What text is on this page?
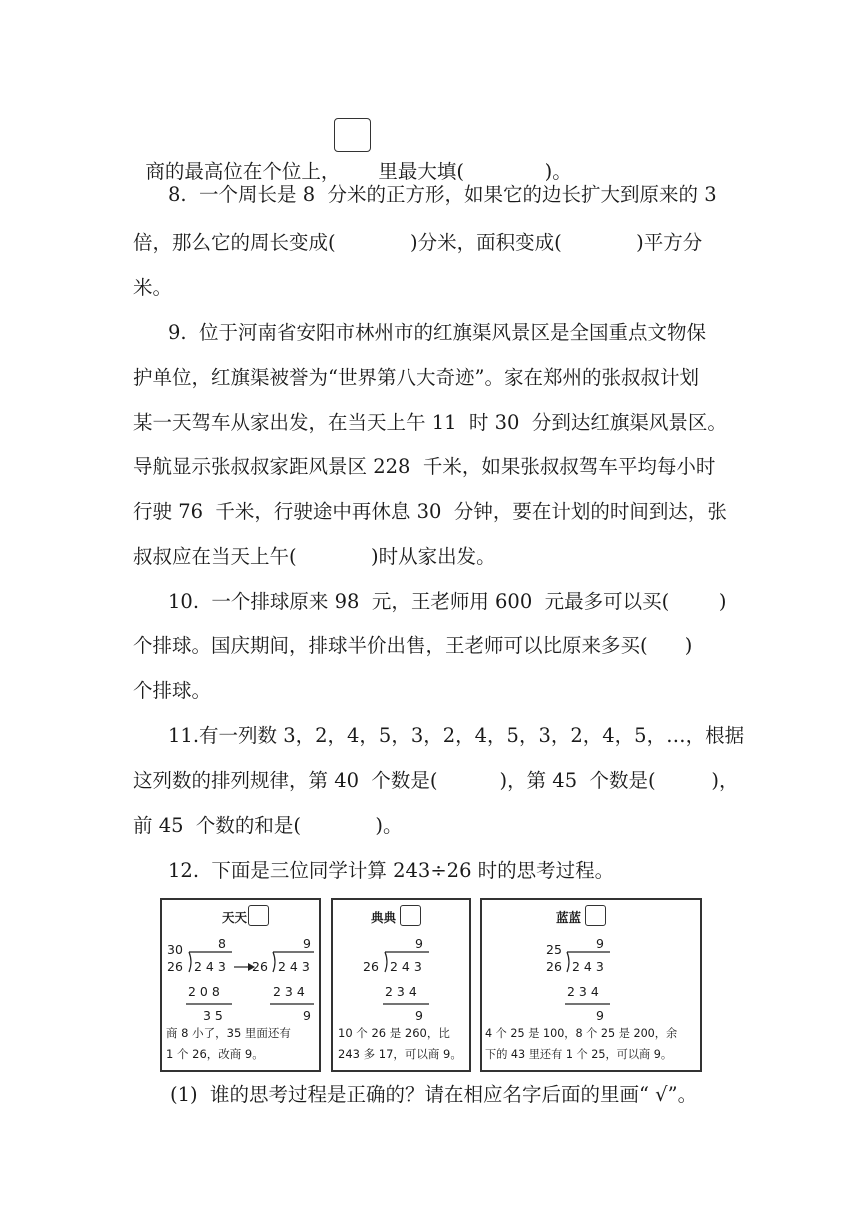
商的最高位在个位上， 里最大填(             )。

8.  一个周长是 8  分米的正方形，如果它的边长扩大到原来的 3
倍，那么它的周长变成(            )分米，面积变成(            )平方分
米。
9.  位于河南省安阳市林州市的红旗渠风景区是全国重点文物保
护单位，红旗渠被誉为“世界第八大奇迹”。家在郑州的张叔叔计划
某一天驾车从家出发，在当天上午 11  时 30  分到达红旗渠风景区。
导航显示张叔叔家距风景区 228  千米，如果张叔叔驾车平均每小时
行驶 76  千米，行驶途中再休息 30  分钟，要在计划的时间到达，张
叔叔应在当天上午(            )时从家出发。
10.  一个排球原来 98  元，王老师用 600  元最多可以买(        )
个排球。国庆期间，排球半价出售，王老师可以比原来多买(      )
个排球。
11.有一列数 3，2，4，5，3，2，4，5，3，2，4，5，…，根据
这列数的排列规律，第 40  个数是(          )，第 45  个数是(         )，
前 45  个数的和是(            )。
12.  下面是三位同学计算 243÷26 时的思考过程。
天天
30	8
26 2 4 3
2 0 8
3 5
9
26 2 4 3
2 3 4
9
商 8 小了，35 里面还有
1 个 26，改商 9。
典典
9
26 2 4 3
2 3 4
9
10 个 26 是 260，比
243 多 17，可以商 9。
蓝蓝
25	9
26 2 4 3
2 3 4
9
4 个 25 是 100，8 个 25 是 200，余
下的 43 里还有 1 个 25，可以商 9。
(1)  谁的思考过程是正确的？请在相应名字后面的里画“ √”。
